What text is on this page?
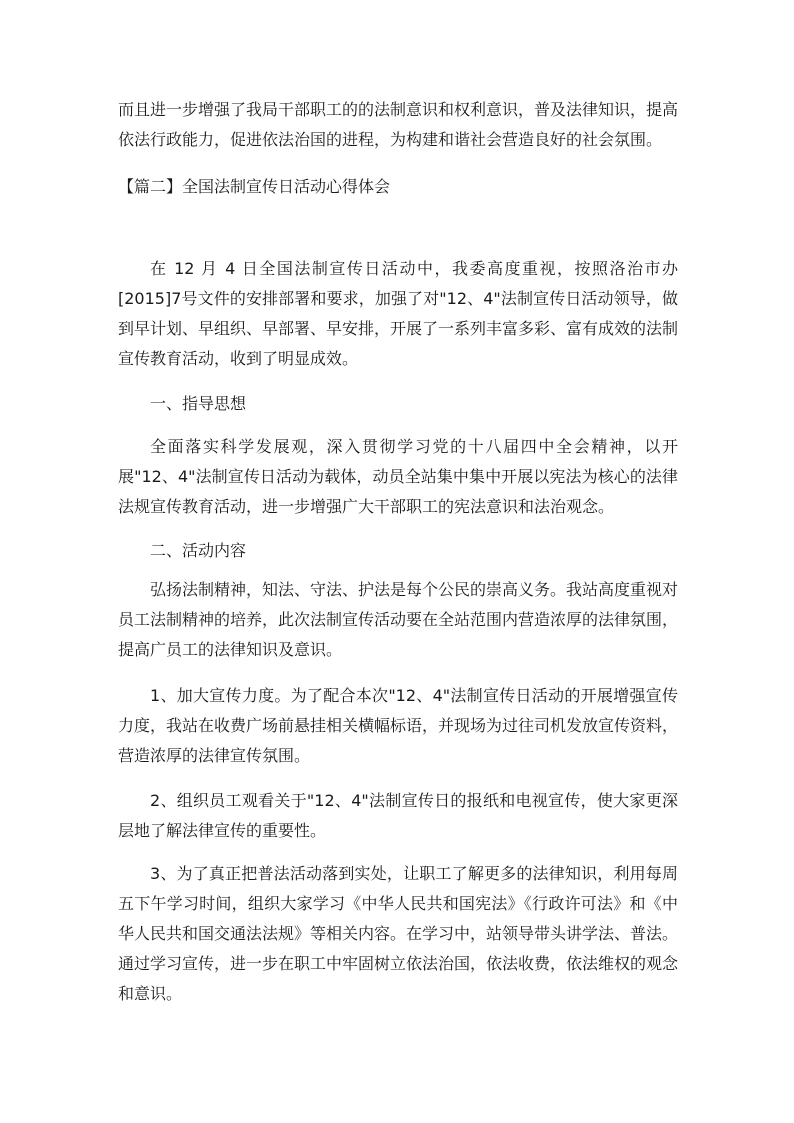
而且进一步增强了我局干部职工的的法制意识和权利意识，普及法律知识，提高依法行政能力，促进依法治国的进程，为构建和谐社会营造良好的社会氛围。

【篇二】全国法制宣传日活动心得体会

在 12 月 4 日全国法制宣传日活动中，我委高度重视，按照洛治市办[2015]7号文件的安排部署和要求，加强了对"12、4"法制宣传日活动领导，做到早计划、早组织、早部署、早安排，开展了一系列丰富多彩、富有成效的法制宣传教育活动，收到了明显成效。

一、指导思想

全面落实科学发展观，深入贯彻学习党的十八届四中全会精神，以开展"12、4"法制宣传日活动为载体，动员全站集中集中开展以宪法为核心的法律法规宣传教育活动，进一步增强广大干部职工的宪法意识和法治观念。

二、活动内容

弘扬法制精神，知法、守法、护法是每个公民的崇高义务。我站高度重视对员工法制精神的培养，此次法制宣传活动要在全站范围内营造浓厚的法律氛围，提高广员工的法律知识及意识。

1、加大宣传力度。为了配合本次"12、4"法制宣传日活动的开展增强宣传力度，我站在收费广场前悬挂相关横幅标语，并现场为过往司机发放宣传资料，营造浓厚的法律宣传氛围。

2、组织员工观看关于"12、4"法制宣传日的报纸和电视宣传，使大家更深层地了解法律宣传的重要性。

3、为了真正把普法活动落到实处，让职工了解更多的法律知识，利用每周五下午学习时间，组织大家学习《中华人民共和国宪法》《行政许可法》和《中华人民共和国交通法法规》等相关内容。在学习中，站领导带头讲学法、普法。通过学习宣传，进一步在职工中牢固树立依法治国，依法收费，依法维权的观念和意识。
